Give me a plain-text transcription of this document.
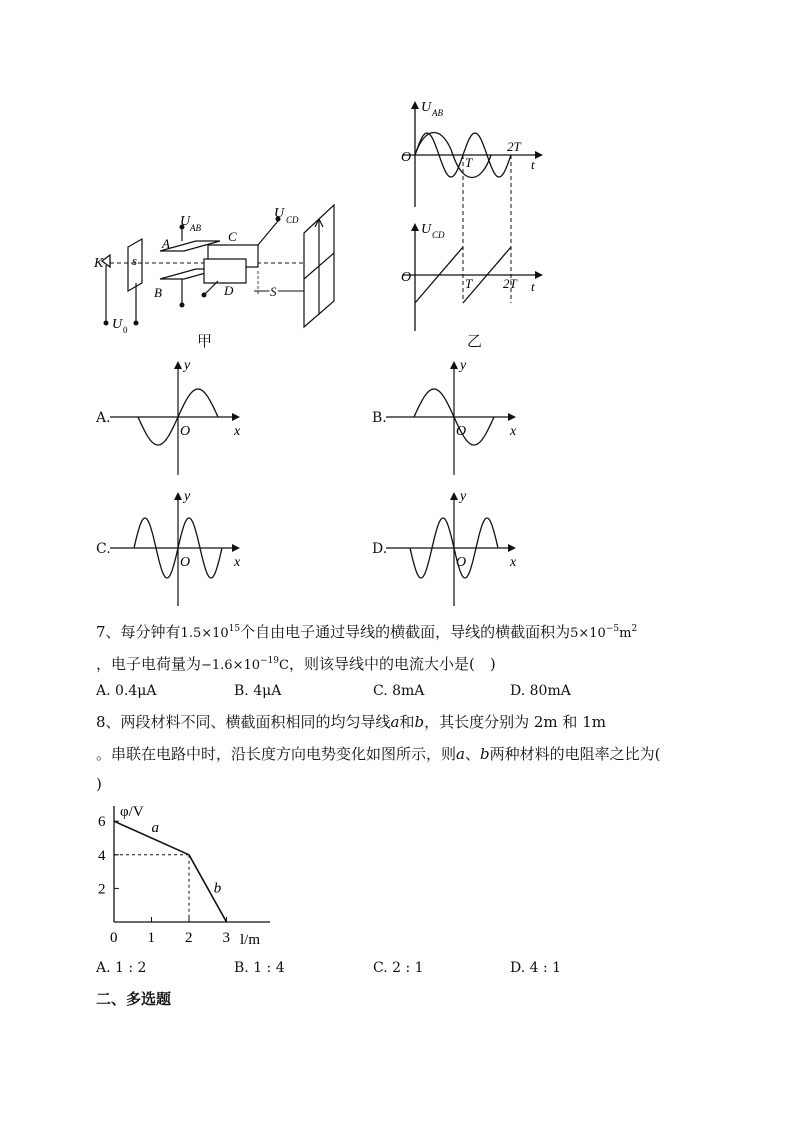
K s
U 0
U AB
A
B
C
U CD
D	S
甲
U AB
O	t
T
2T
U CD
O
t
T 2T
乙
A.
y
x
O
B.
y
x
O
C.
y
x
O
D.
y
x
O
7、每分钟有$1.5\times 10^{15}$个自由电子通过导线的横截面，导线的横截面积为$5\times 10^{-5}m^2$
，电子电荷量为$-1.6\times 10^{-19}C$，则该导线中的电流大小是(　)
A. 0.4μA	B. 4μA	C. 8mA	D. 80mA
8、两段材料不同、横截面积相同的均匀导线a和b，其长度分别为 2m 和 1m
。串联在电路中时，沿长度方向电势变化如图所示，则a、b两种材料的电阻率之比为(
)
φ/V
l/m
0 1 2 3
2
4
6	a
b
A. 1 : 2	B. 1 : 4	C. 2 : 1	D. 4 : 1
二、多选题
